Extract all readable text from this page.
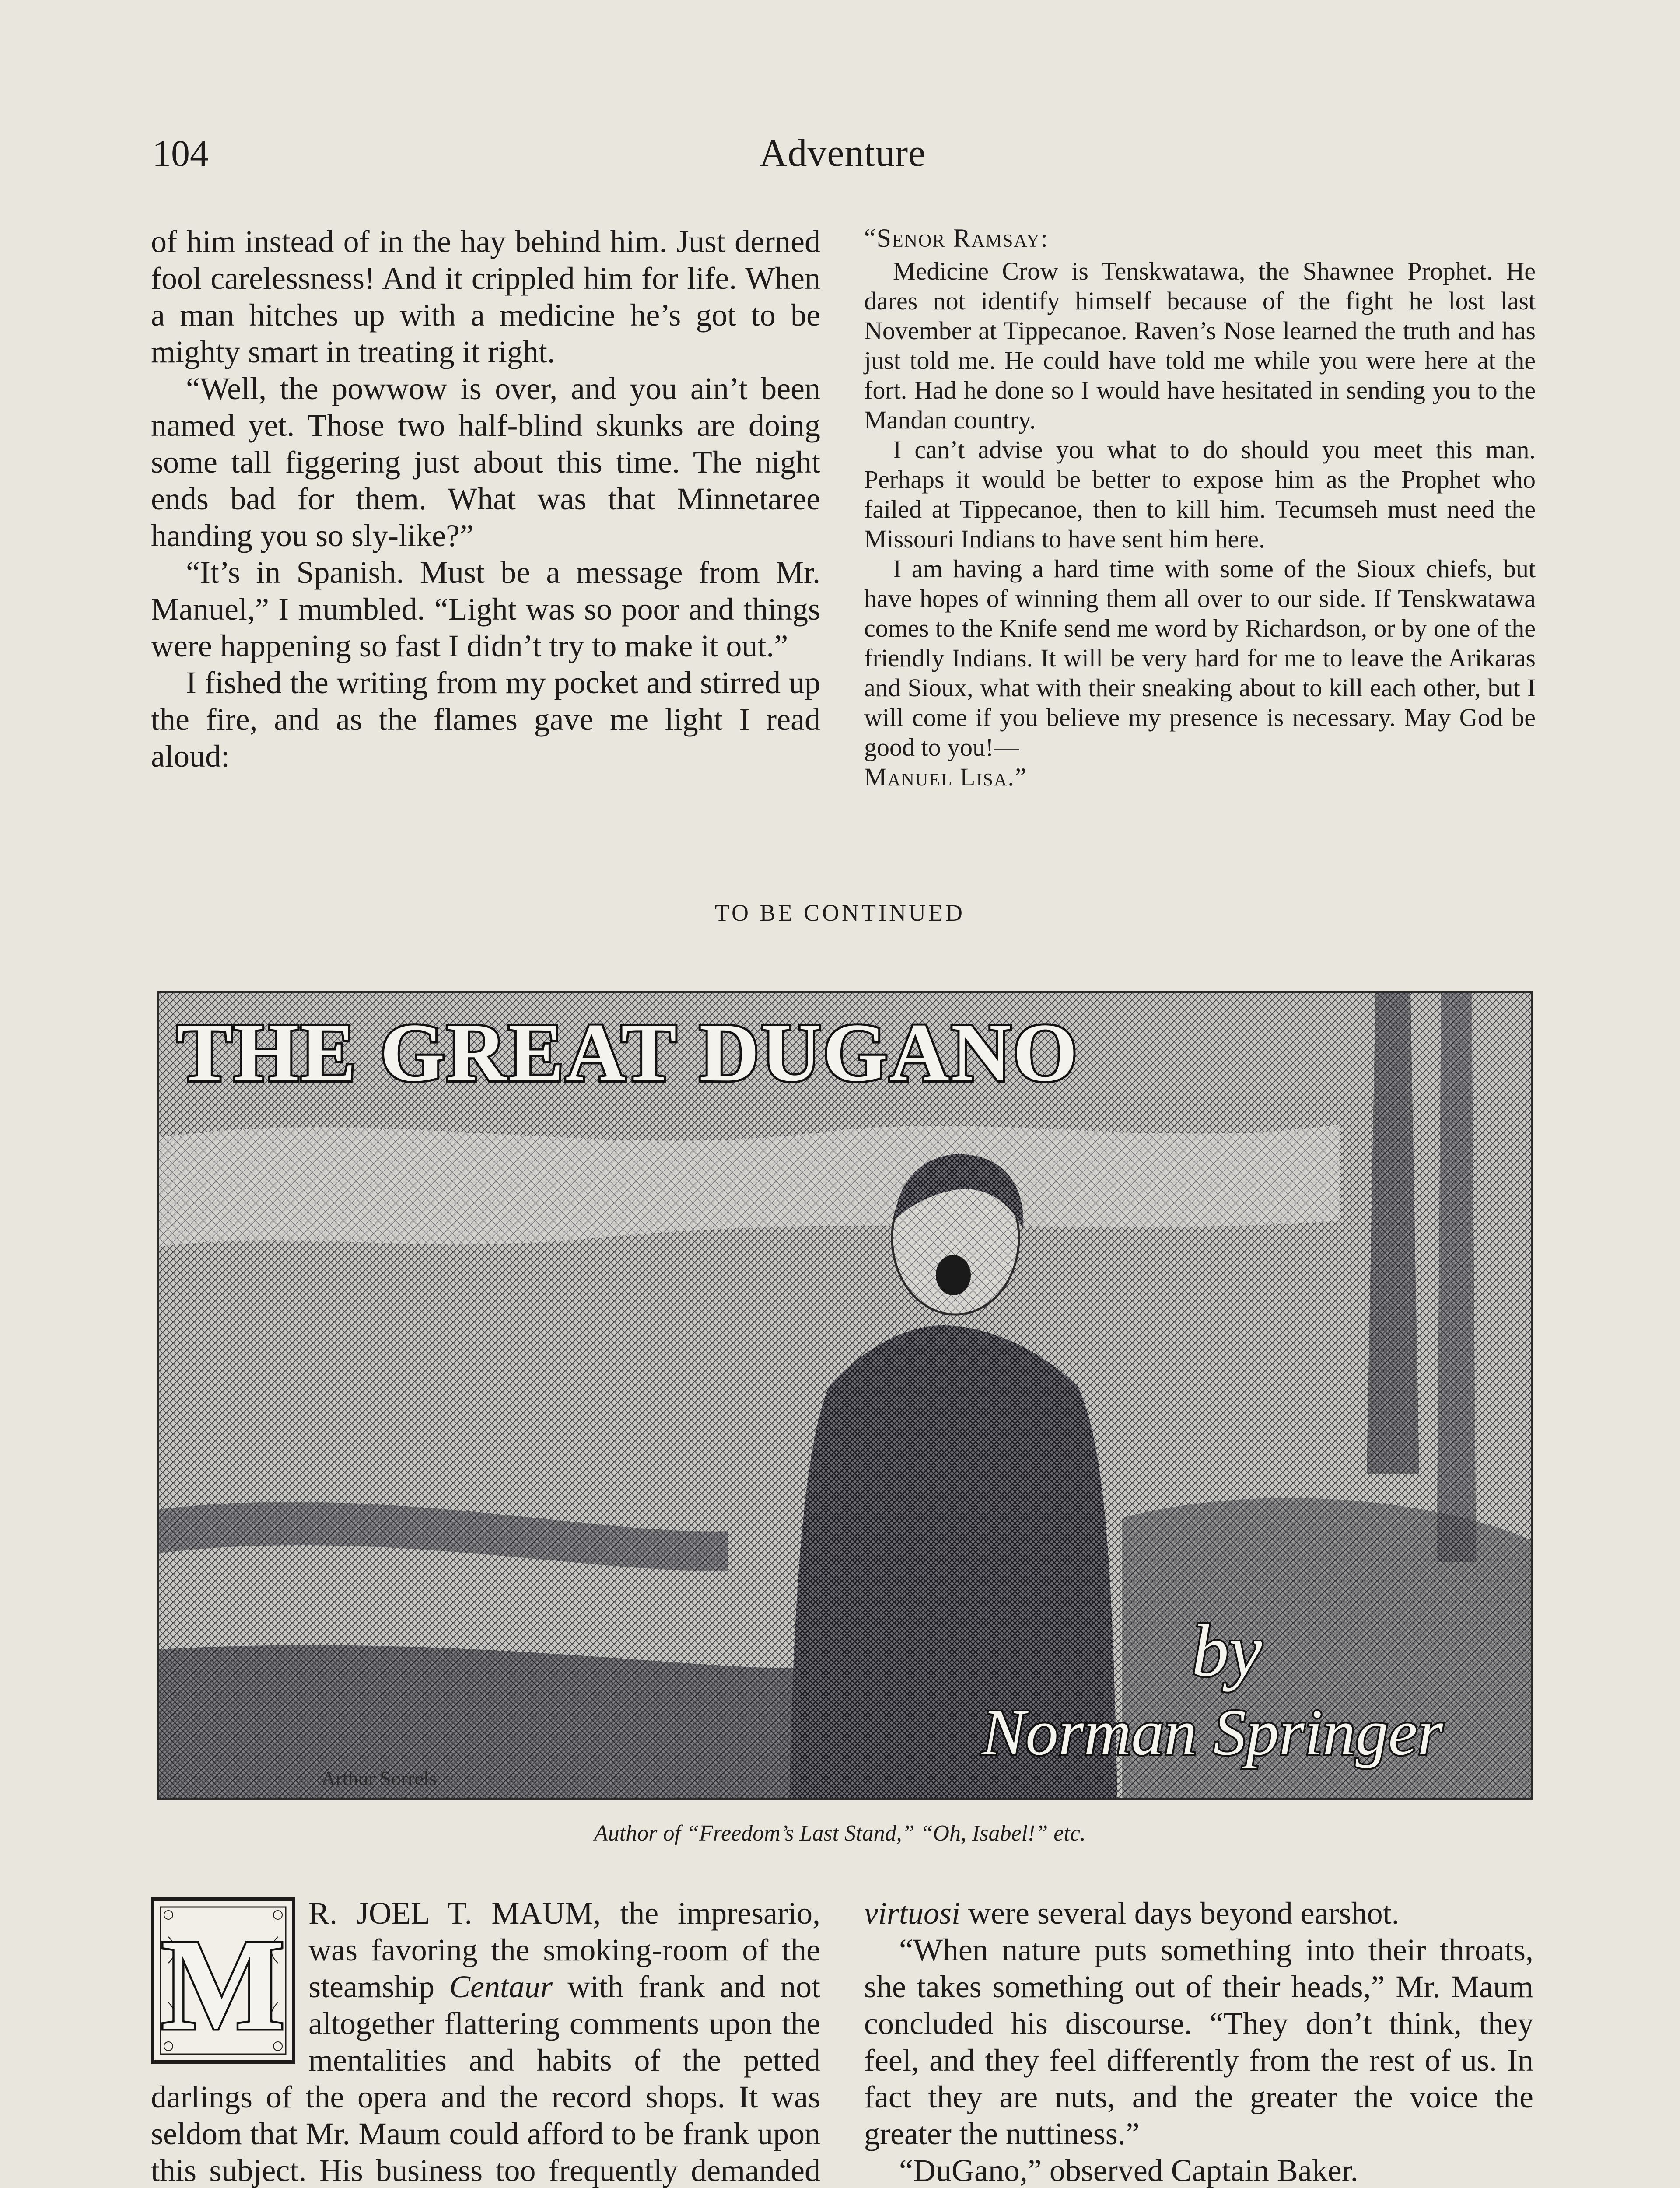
104	Adventure

of him instead of in the hay behind him. Just derned fool carelessness! And it crippled him for life. When a man hitches up with a medicine he’s got to be mighty smart in treating it right.

“Well, the powwow is over, and you ain’t been named yet. Those two half-blind skunks are doing some tall figgering just about this time. The night ends bad for them. What was that Minnetaree handing you so sly-like?”

“It’s in Spanish. Must be a message from Mr. Manuel,” I mumbled. “Light was so poor and things were happening so fast I didn’t try to make it out.”

I fished the writing from my pocket and stirred up the fire, and as the flames gave me light I read aloud:

“Senor Ramsay:

Medicine Crow is Tenskwatawa, the Shawnee Prophet. He dares not identify himself because of the fight he lost last November at Tippecanoe. Raven’s Nose learned the truth and has just told me. He could have told me while you were here at the fort. Had he done so I would have hesitated in sending you to the Mandan country.

I can’t advise you what to do should you meet this man. Perhaps it would be better to expose him as the Prophet who failed at Tippecanoe, then to kill him. Tecumseh must need the Missouri Indians to have sent him here.

I am having a hard time with some of the Sioux chiefs, but have hopes of winning them all over to our side. If Tenskwatawa comes to the Knife send me word by Richardson, or by one of the friendly Indians. It will be very hard for me to leave the Arikaras and Sioux, what with their sneaking about to kill each other, but I will come if you believe my presence is necessary. May God be good to you!—

Manuel Lisa.”

TO BE CONTINUED
THE GREAT DUGANO
by
Norman Springer
Arthur Sorrels
Author of “Freedom’s Last Stand,” “Oh, Isabel!” etc.
M R. JOEL T. MAUM, the impresario, was favoring the smoking-room of the steamship Centaur with frank and not altogether flattering comments upon the mentalities and habits of the petted darlings of the opera and the record shops. It was seldom that Mr. Maum could afford to be frank upon this subject. His business too frequently demanded

virtuosi were several days beyond earshot.

“When nature puts something into their throats, she takes something out of their heads,” Mr. Maum concluded his discourse. “They don’t think, they feel, and they feel differently from the rest of us. In fact they are nuts, and the greater the voice the greater the nuttiness.”

“DuGano,” observed Captain Baker.
